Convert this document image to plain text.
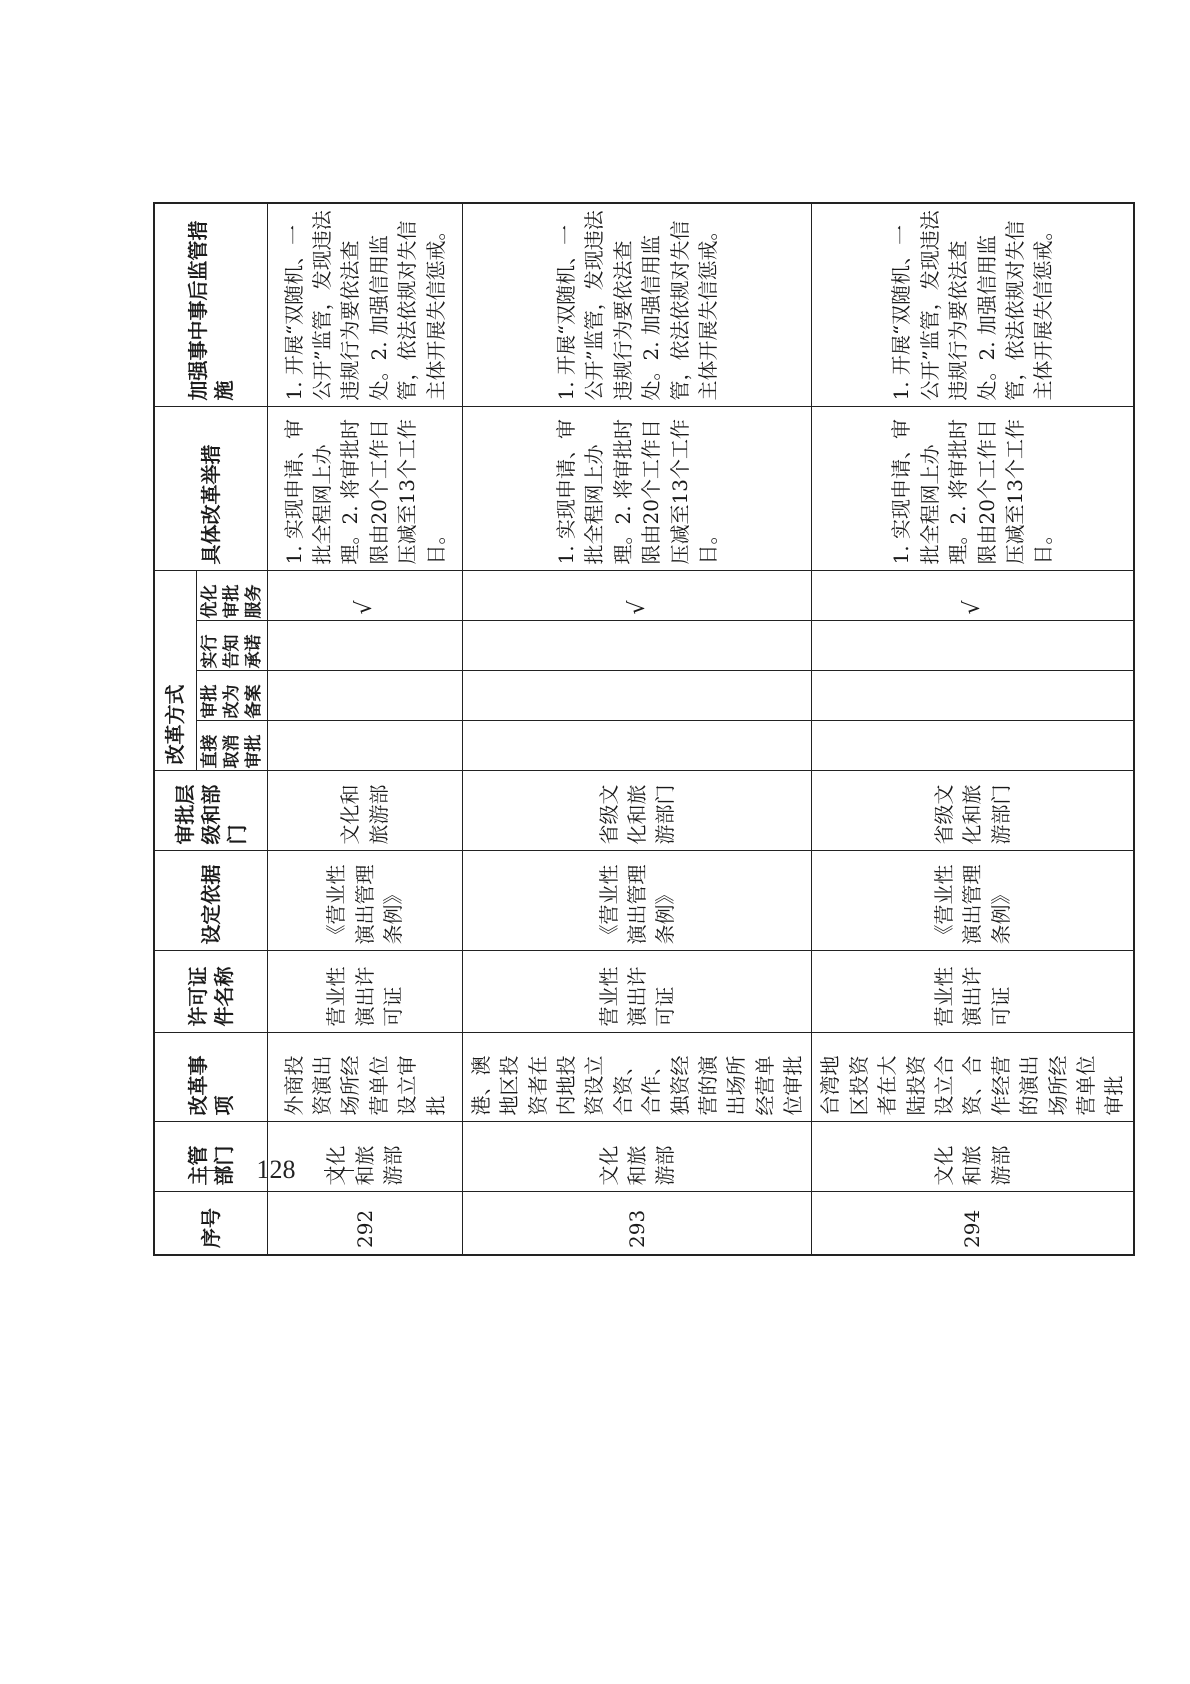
序号	主管部门	改革事项	许可证件名称	设定依据	审批层级和部门	改革方式				具体改革举措	加强事中事后监管措施
						直接取消审批	审批改为备案	实行告知承诺	优化审批服务		
292	文化和旅游部	外商投资演出场所经营单位设立审批	营业性演出许可证	《营业性演出管理条例》	文化和旅游部				√	1. 实现申请、审批全程网上办理。2. 将审批时限由20个工作日压减至13个工作日。	1. 开展“双随机、一公开”监管，发现违法违规行为要依法查处。2. 加强信用监管，依法依规对失信主体开展失信惩戒。
293	文化和旅游部	港、澳地区投资者在内地投资设立合资、合作、独资经营的演出场所经营单位审批	营业性演出许可证	《营业性演出管理条例》	省级文化和旅游部门				√	1. 实现申请、审批全程网上办理。2. 将审批时限由20个工作日压减至13个工作日。	1. 开展“双随机、一公开”监管，发现违法违规行为要依法查处。2. 加强信用监管，依法依规对失信主体开展失信惩戒。
294	文化和旅游部	台湾地区投资者在大陆投资设立合资、合作经营的演出场所经营单位审批	营业性演出许可证	《营业性演出管理条例》	省级文化和旅游部门				√	1. 实现申请、审批全程网上办理。2. 将审批时限由20个工作日压减至13个工作日。	1. 开展“双随机、一公开”监管，发现违法违规行为要依法查处。2. 加强信用监管，依法依规对失信主体开展失信惩戒。
128
